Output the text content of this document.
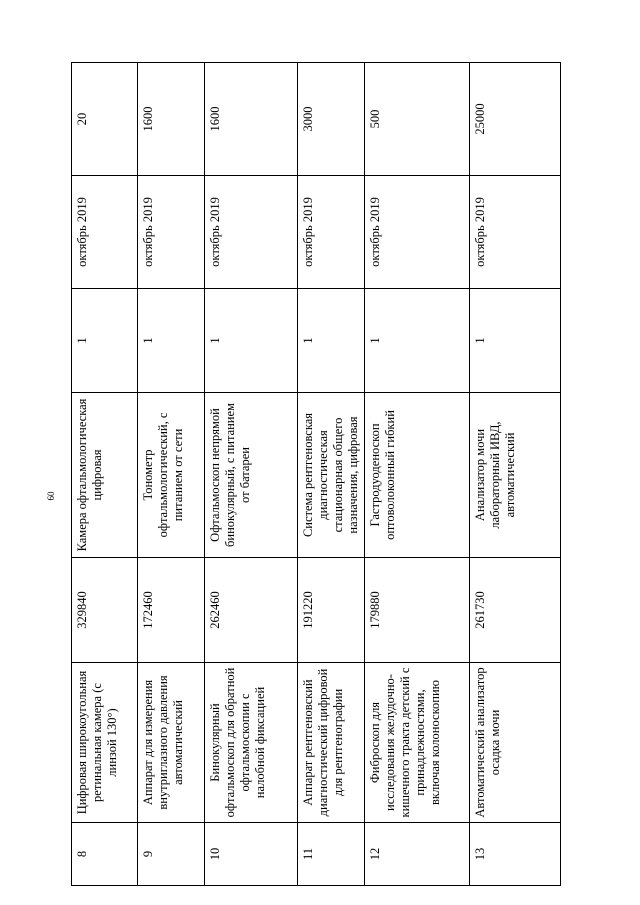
60
8	Цифровая широкоугольная ретинальная камера (с линзой 130°)	329840	Камера офтальмологическая цифровая	1	октябрь 2019	20
9	Аппарат для измерения внутриглазного давления автоматический	172460	Тонометр офтальмологический, с питанием от сети	1	октябрь 2019	1600
10	Бинокулярный офтальмоскоп для обратной офтальмоскопии с налобной фиксацией	262460	Офтальмоскоп непрямой бинокулярный, с питанием от батареи	1	октябрь 2019	1600
11	Аппарат рентгеновский диагностический цифровой для рентгенографии	191220	Система рентгеновская диагностическая стационарная общего назначения, цифровая	1	октябрь 2019	3000
12	Фиброскоп для исследования желудочно-кишечного тракта детский с принадлежностями, включая колоноскопию	179880	Гастродуоденоскоп оптоволоконный гибкий	1	октябрь 2019	500
13	Автоматический анализатор осадка мочи	261730	Анализатор мочи лабораторный ИВД, автоматический	1	октябрь 2019	25000
